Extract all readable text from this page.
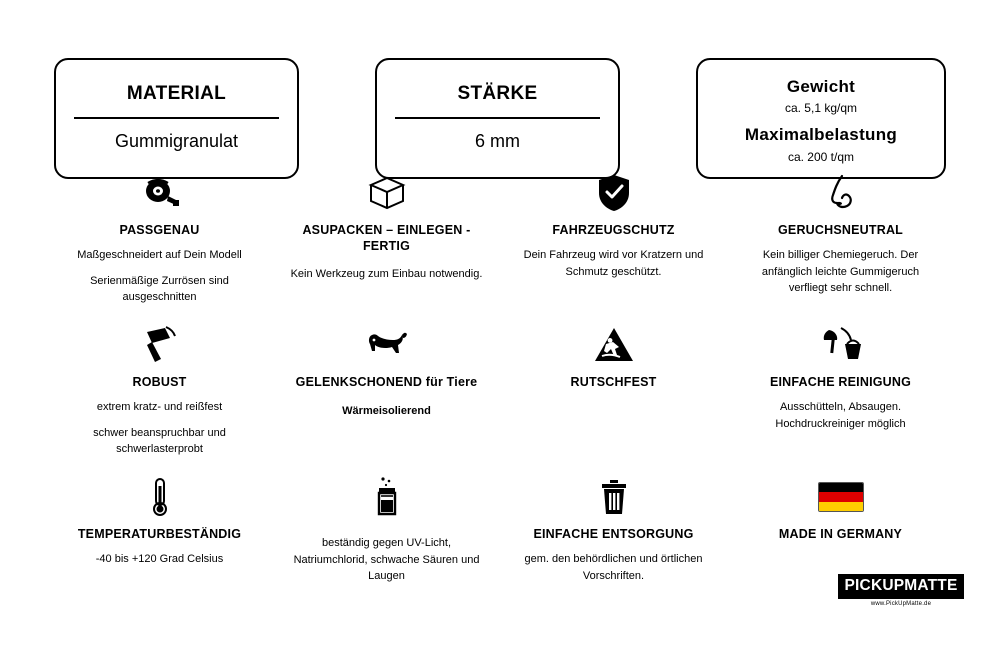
MATERIAL
Gummigranulat
STÄRKE
6 mm
Gewicht
ca. 5,1 kg/qm
Maximalbelastung
ca. 200 t/qm
PASSGENAU
Maßgeschneidert auf Dein Modell
Serienmäßige Zurrösen sind ausgeschnitten
ASUPACKEN – EINLEGEN - FERTIG
Kein Werkzeug zum Einbau notwendig.
FAHRZEUGSCHUTZ
Dein Fahrzeug wird vor Kratzern und Schmutz geschützt.
GERUCHSNEUTRAL
Kein billiger Chemiegeruch. Der anfänglich leichte Gummigeruch verfliegt sehr schnell.
ROBUST
extrem kratz- und reißfest
schwer beanspruchbar und schwerlasterprobt
GELENKSCHONEND für Tiere
Wärmeisolierend
RUTSCHFEST	EINFACHE REINIGUNG
Ausschütteln, Absaugen. Hochdruckreiniger möglich
TEMPERATURBESTÄNDIG
-40 bis +120 Grad Celsius
beständig gegen UV-Licht, Natriumchlorid, schwache Säuren und Laugen
EINFACHE ENTSORGUNG
gem. den behördlichen und örtlichen Vorschriften.
MADE IN GERMANY
PICKUPMATTE
www.PickUpMatte.de
